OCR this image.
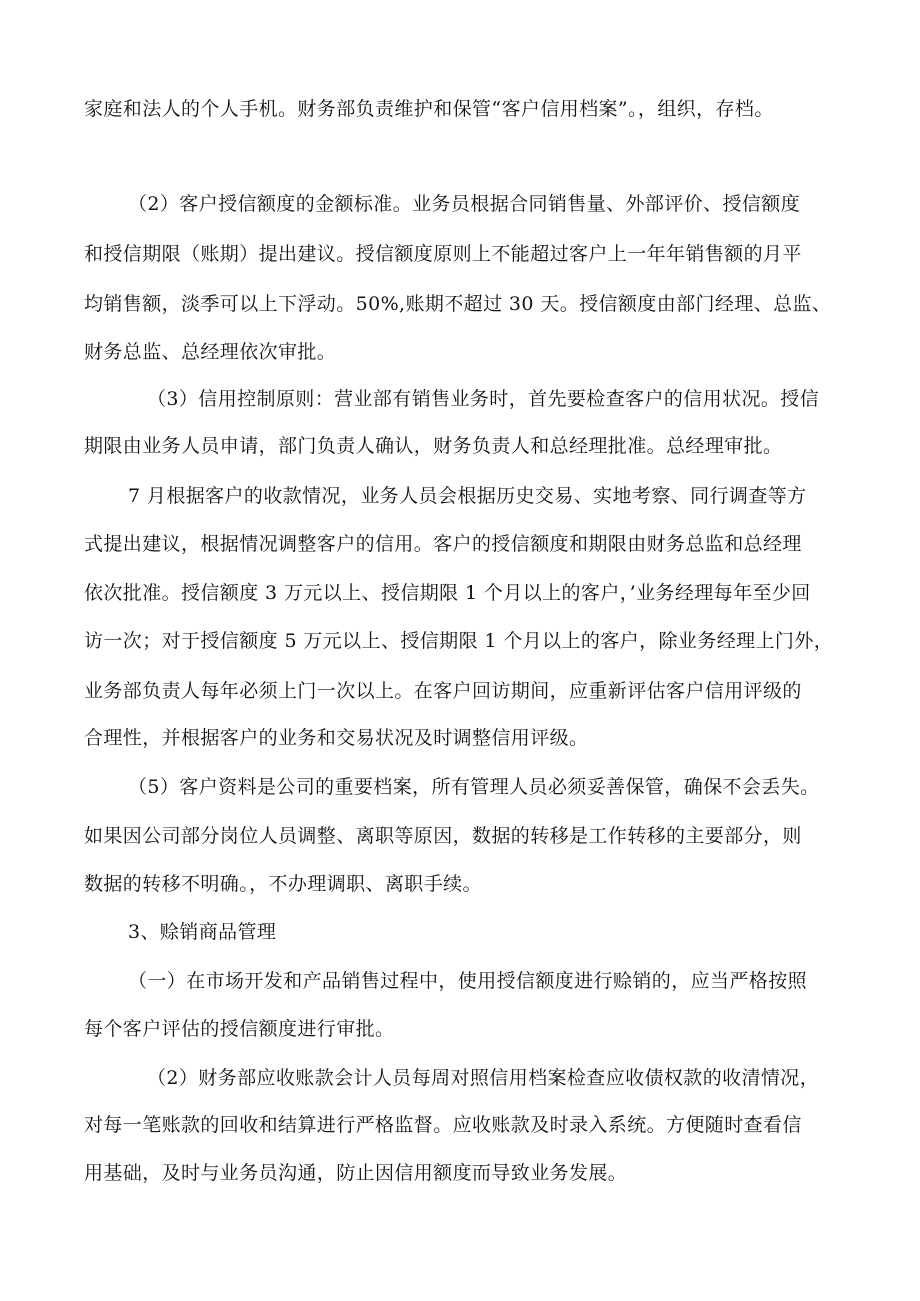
家庭和法人的个人手机。财务部负责维护和保管“客户信用档案”。，组织，存档。
（2）客户授信额度的金额标准。业务员根据合同销售量、外部评价、授信额度
和授信期限（账期）提出建议。授信额度原则上不能超过客户上一年年销售额的月平
均销售额，淡季可以上下浮动。50%,账期不超过 30 天。授信额度由部门经理、总监、
财务总监、总经理依次审批。
（3）信用控制原则：营业部有销售业务时，首先要检查客户的信用状况。授信
期限由业务人员申请，部门负责人确认，财务负责人和总经理批准。总经理审批。
7 月根据客户的收款情况，业务人员会根据历史交易、实地考察、同行调查等方
式提出建议，根据情况调整客户的信用。客户的授信额度和期限由财务总监和总经理
依次批准。授信额度 3 万元以上、授信期限 1 个月以上的客户，’业务经理每年至少回
访一次；对于授信额度 5 万元以上、授信期限 1 个月以上的客户，除业务经理上门外，
业务部负责人每年必须上门一次以上。在客户回访期间，应重新评估客户信用评级的
合理性，并根据客户的业务和交易状况及时调整信用评级。
（5）客户资料是公司的重要档案，所有管理人员必须妥善保管，确保不会丢失。
如果因公司部分岗位人员调整、离职等原因，数据的转移是工作转移的主要部分，则
数据的转移不明确。，不办理调职、离职手续。
3、赊销商品管理
（一）在市场开发和产品销售过程中，使用授信额度进行赊销的，应当严格按照
每个客户评估的授信额度进行审批。
（2）财务部应收账款会计人员每周对照信用档案检查应收债权款的收清情况，
对每一笔账款的回收和结算进行严格监督。应收账款及时录入系统。方便随时查看信
用基础，及时与业务员沟通，防止因信用额度而导致业务发展。
